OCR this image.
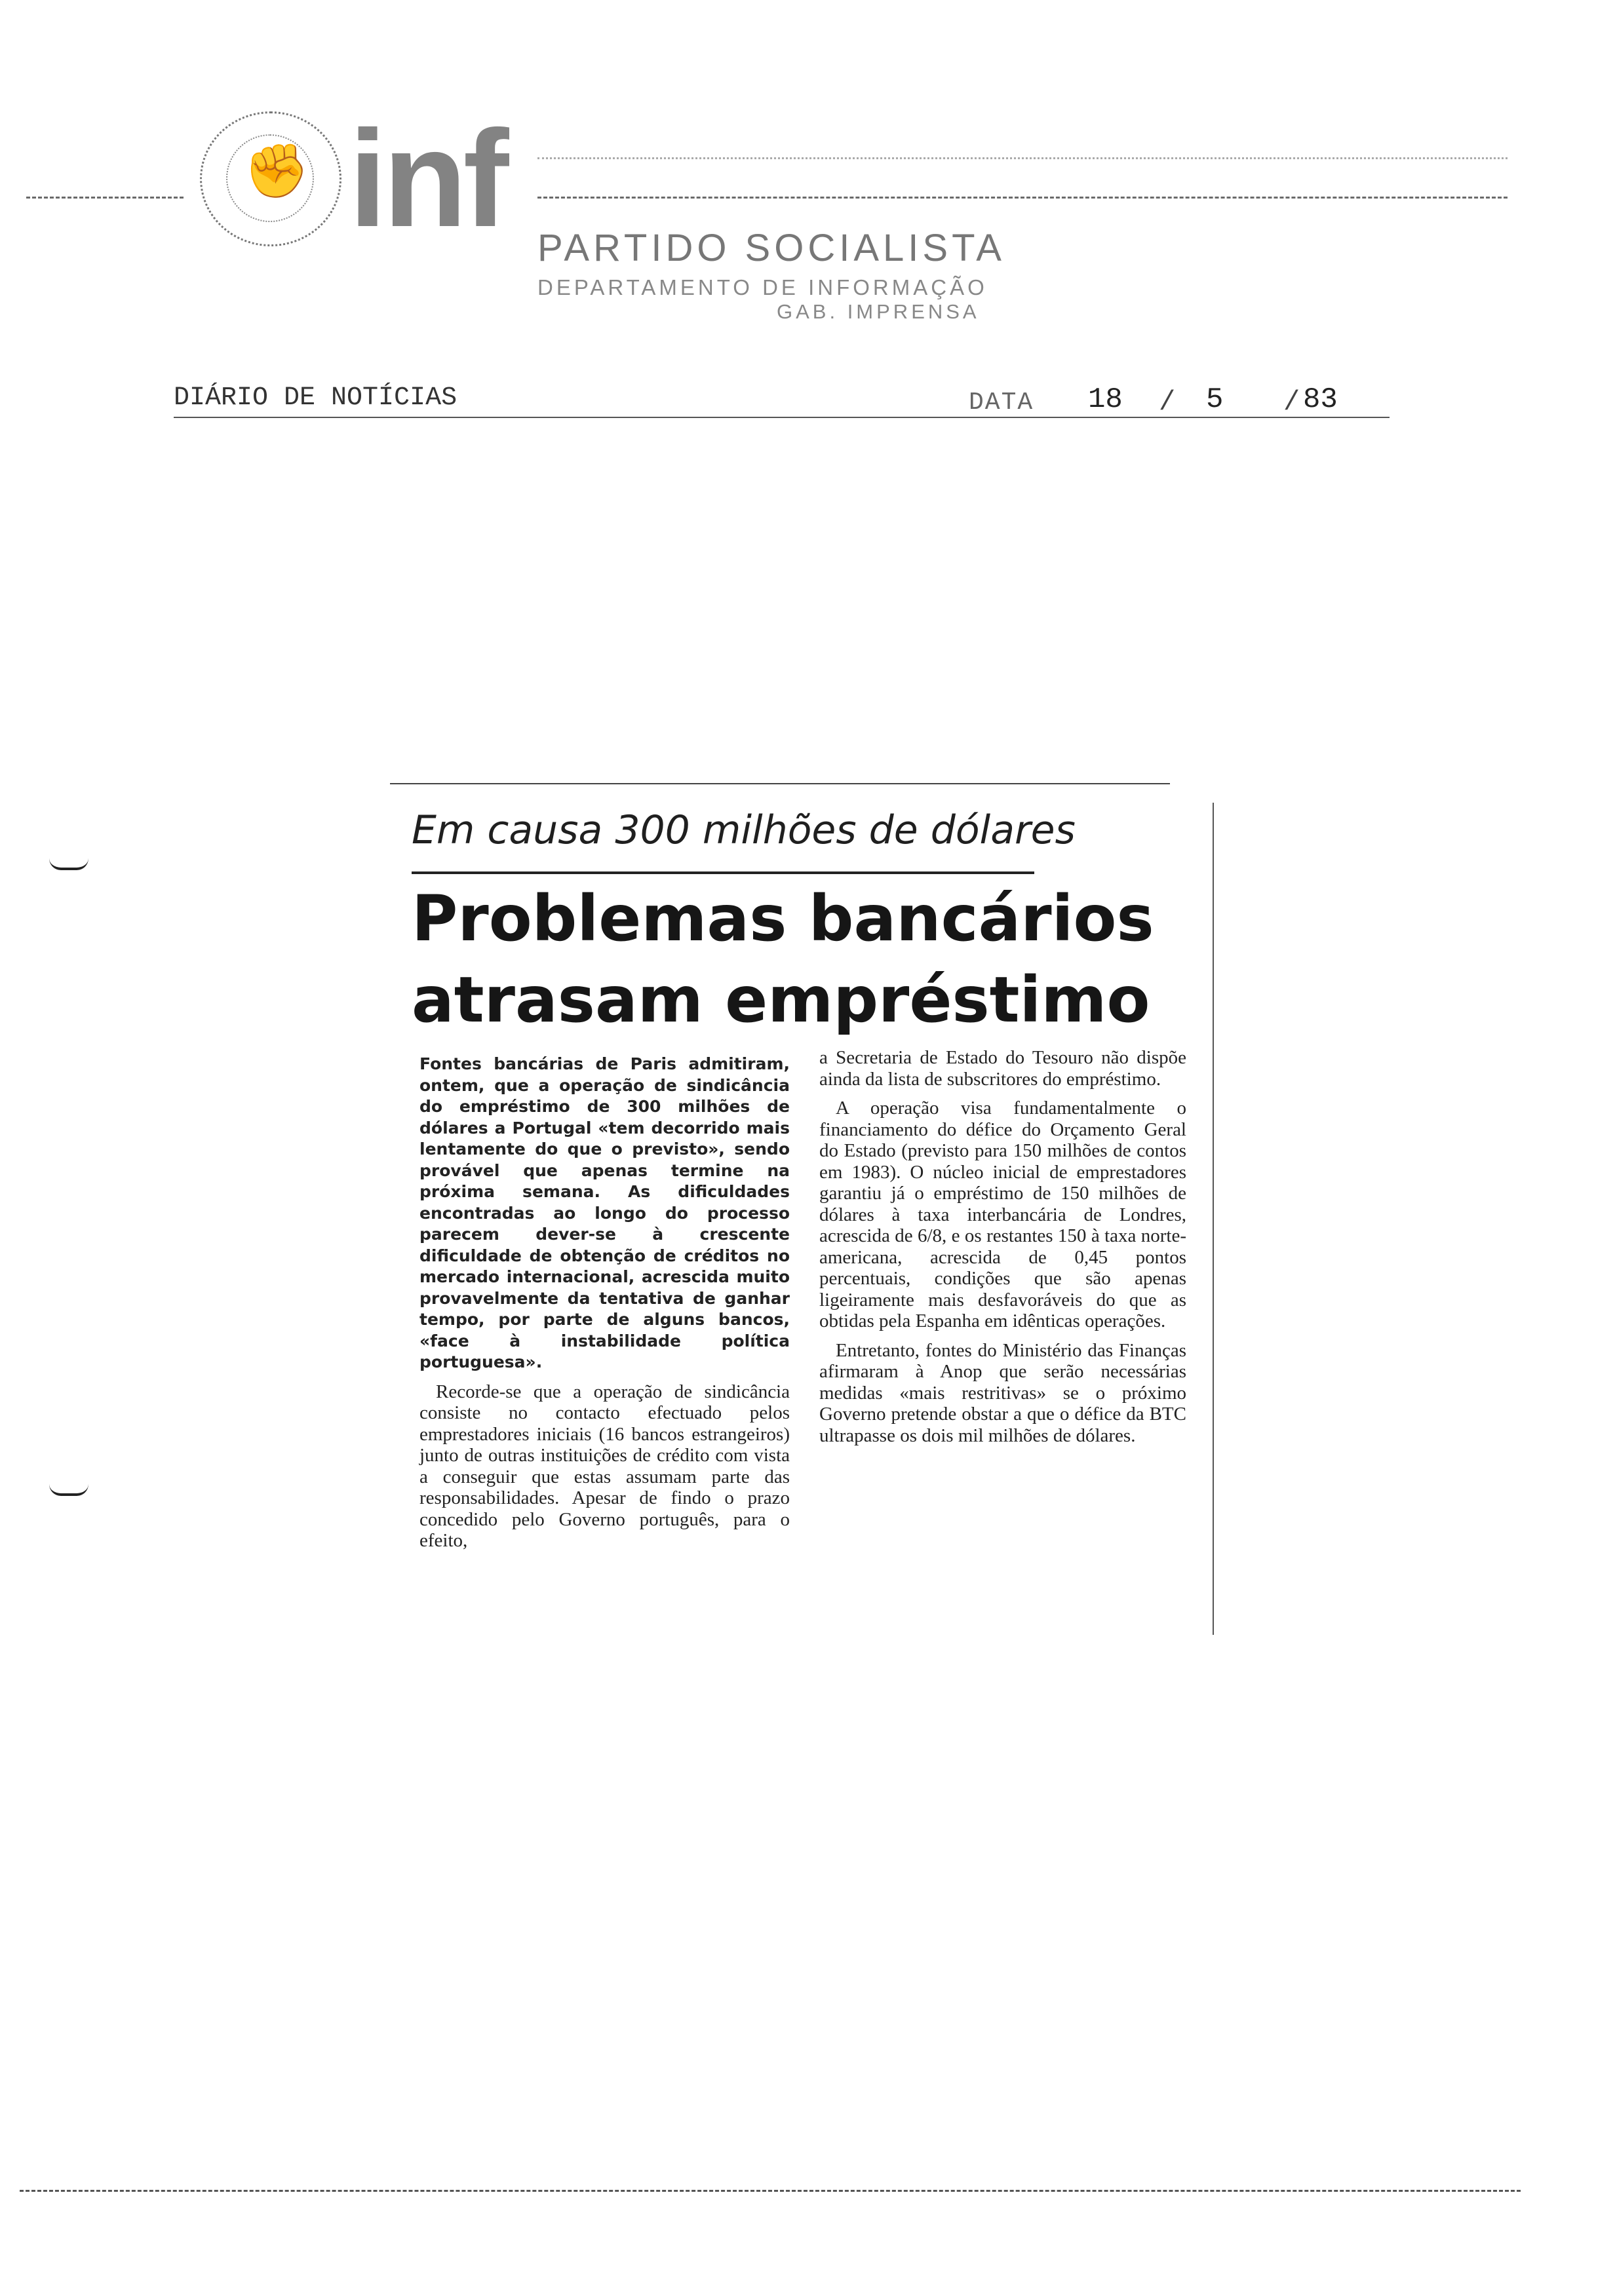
✊ inf PARTIDO SOCIALISTA
DEPARTAMENTO DE INFORMAÇÃO
GAB. IMPRENSA
DIÁRIO DE NOTÍCIAS	DATA 18 / 5 / 83
Em causa 300 milhões de dólares
Problemas bancários atrasam empréstimo

Fontes bancárias de Paris admitiram, ontem, que a operação de sindicância do empréstimo de 300 milhões de dólares a Portugal «tem decorrido mais lentamente do que o previsto», sendo provável que apenas termine na próxima semana. As dificuldades encontradas ao longo do processo parecem dever-se à crescente dificuldade de obtenção de créditos no mercado internacional, acrescida muito provavelmente da tentativa de ganhar tempo, por parte de alguns bancos, «face à instabilidade política portuguesa».

Recorde-se que a operação de sindicância consiste no contacto efectuado pelos emprestadores iniciais (16 bancos estrangeiros) junto de outras instituições de crédito com vista a conseguir que estas assumam parte das responsabilidades. Apesar de findo o prazo concedido pelo Governo português, para o efeito,

a Secretaria de Estado do Tesouro não dispõe ainda da lista de subscritores do empréstimo.

A operação visa fundamentalmente o financiamento do défice do Orçamento Geral do Estado (previsto para 150 milhões de contos em 1983). O núcleo inicial de emprestadores garantiu já o empréstimo de 150 milhões de dólares à taxa interbancária de Londres, acrescida de 6/8, e os restantes 150 à taxa norte-americana, acrescida de 0,45 pontos percentuais, condições que são apenas ligeiramente mais desfavoráveis do que as obtidas pela Espanha em idênticas operações.

Entretanto, fontes do Ministério das Finanças afirmaram à Anop que serão necessárias medidas «mais restritivas» se o próximo Governo pretende obstar a que o défice da BTC ultrapasse os dois mil milhões de dólares.
